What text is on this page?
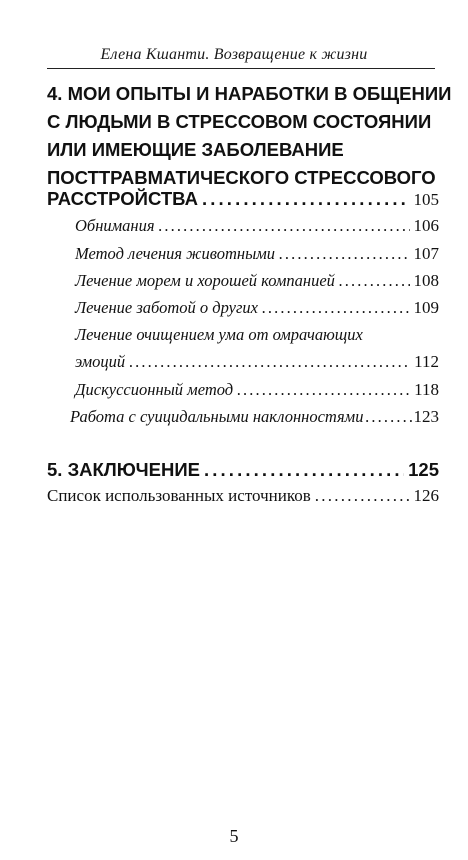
Елена Кшанти. Возвращение к жизни
4. МОИ ОПЫТЫ И НАРАБОТКИ В ОБЩЕНИИ
С ЛЮДЬМИ В СТРЕССОВОМ СОСТОЯНИИ
ИЛИ ИМЕЮЩИЕ ЗАБОЛЕВАНИЕ
ПОСТТРАВМАТИЧЕСКОГО СТРЕССОВОГО
РАССТРОЙСТВА . . .	105
Обнимания . . .	106
Метод лечения животными . . .	107
Лечение морем и хорошей компанией . . .	108
Лечение заботой о других . . .	109
Лечение очищением ума от омрачающих
эмоций . . .	112
Дискуссионный метод . . .	118
Работа с суицидальными наклонностями . . .	123
5. ЗАКЛЮЧЕНИЕ . . .	125
Список использованных источников . . .	126
5
